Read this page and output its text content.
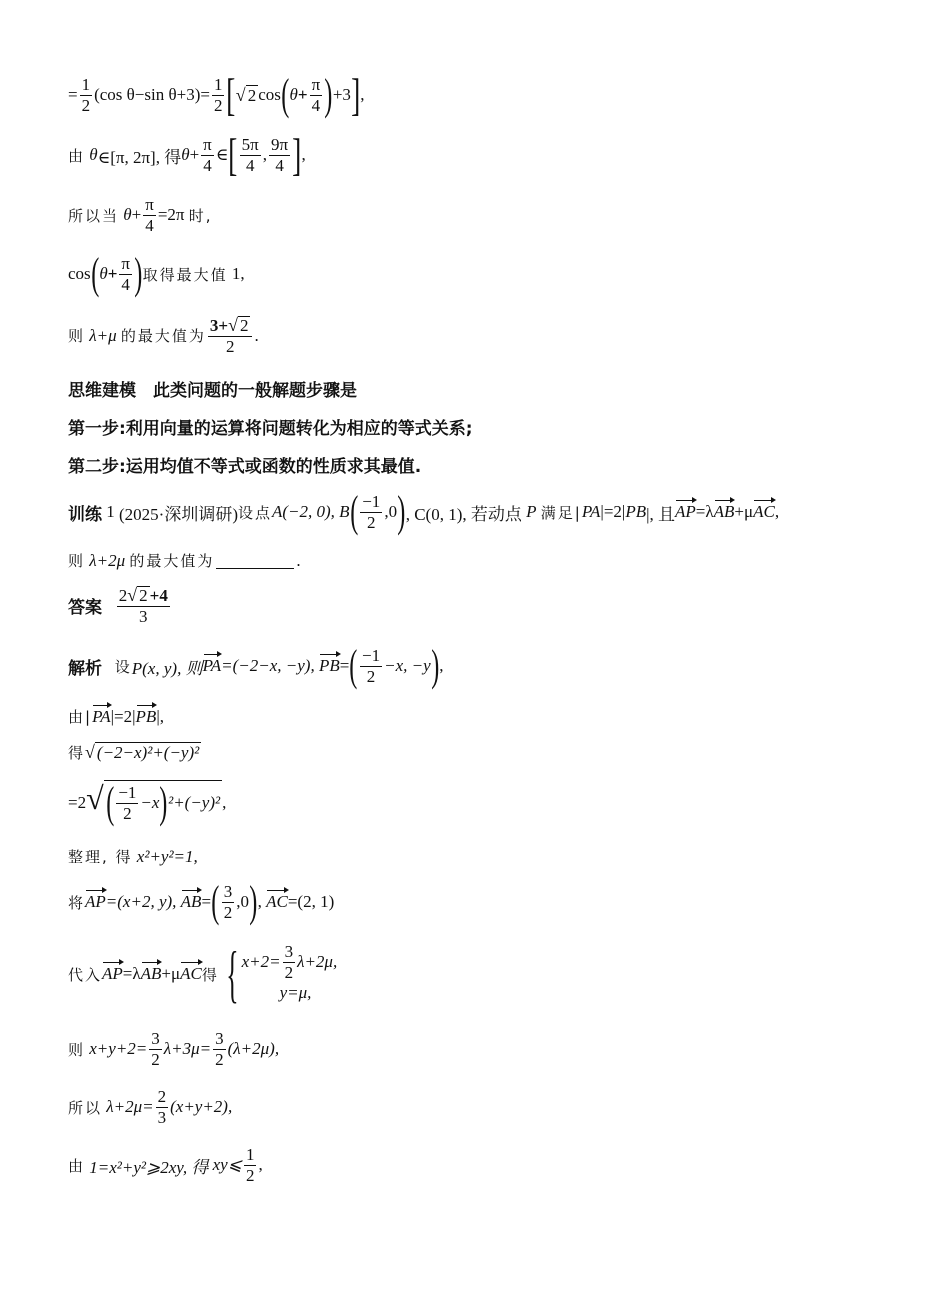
= $\frac{1}{2} (\cos$ θ−sin $\theta+3)= \frac{1}{2}$ [ √ 2 cos ( $\theta + \frac{\pi}{4}$ ) +3 ] ,
由
θ ∈[π, 2π], 得 $\theta + \frac{\pi}{4}$ ∈ [ $\frac{5\pi}{4}$ , $\frac{9\pi}{4}$ ] ,
所以当
$\theta + \frac{\pi}{4} =2\pi$
时,
cos ( $\theta + \frac{\pi}{4}$ ) 取得最大值
1,
则
λ+μ
的最大值为 $\frac{3+ √ 2}{2}$ .
思维建模　此类问题的一般解题步骤是
第一步:利用向量的运算将问题转化为相应的等式关系;
第二步:运用均值不等式或函数的性质求其最值.
训练
1
(2025·深圳调研) 设点 A(−2, 0), B ( $\frac{-1}{2} ,0$ ) , C(0, 1), 若动点
P
满足| PA |=2| PB |, 且 AP =λ AB +μ AC ,
则
λ+2μ
的最大值为	.
答案
$\frac{2 √ 2 +4}{3}$
解析
设 P(x, y), 则 PA =(−2−x, −y),
PB = ( $\frac{-1}{2} -x$, −y ) ,
由| PA |=2| PB |,
得 √ (−2−x)²+(−y)²
=2 √ ( $\frac{-1}{2} -x$ ) ²+(−y)² ,
整理, 得
x²+y²=1,
将 AP =(x+2, y),
AB = ( $\frac{3}{2} ,0$ ) ,
AC =(2, 1)
代入 AP =λ AB +μ AC 得 { $x+2= \frac{3}{2} \lambda+2\mu$,
y=μ,
则
$x+y+2= \frac{3}{2} \lambda+3\mu= \frac{3}{2} (\lambda+2\mu)$,
所以
$\lambda+2\mu= \frac{2}{3} (x+y+2)$,
由
1=x²+y²⩾2xy, 得
xy⩽ $\frac{1}{2}$ ,
